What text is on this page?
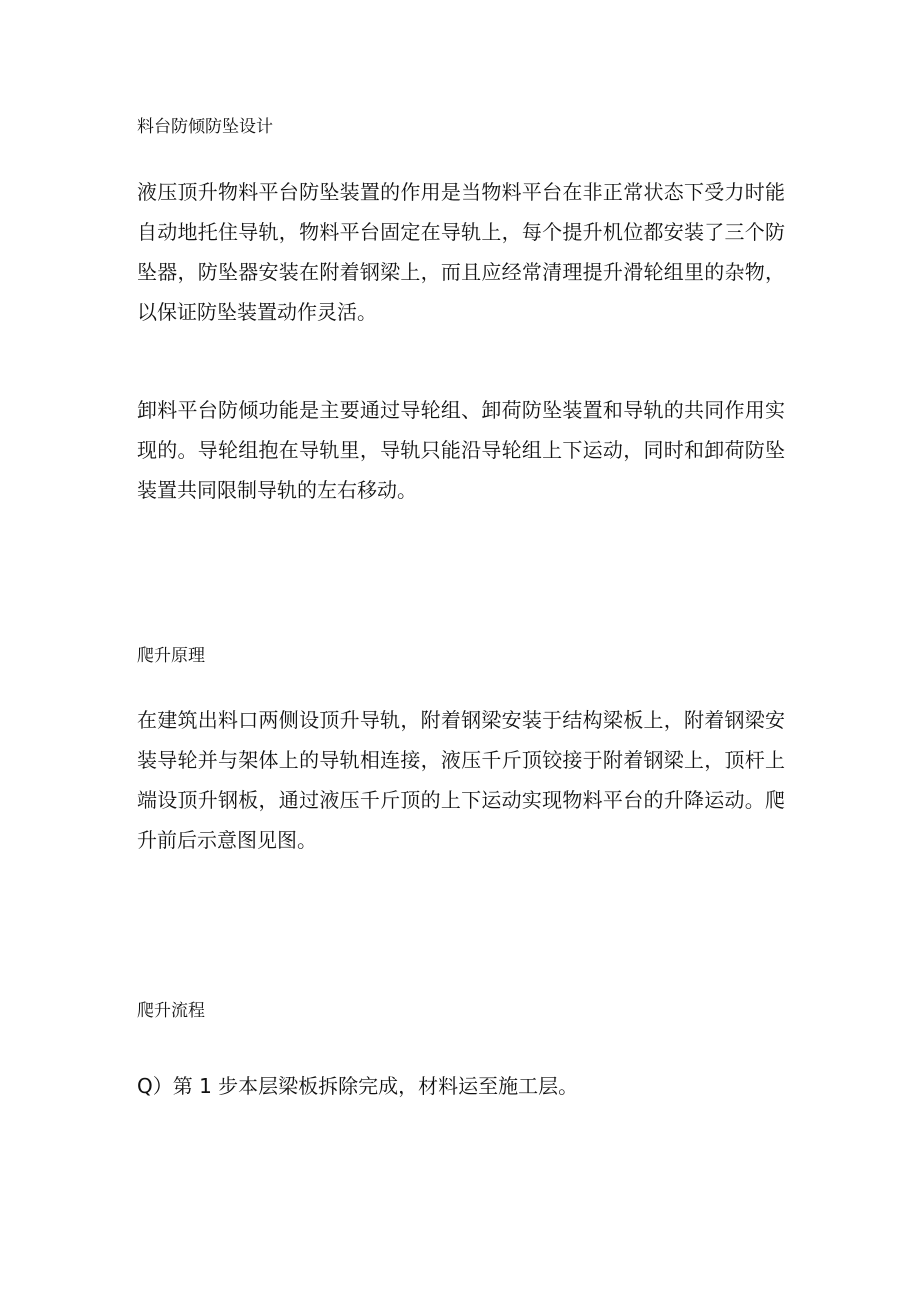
料台防倾防坠设计

液压顶升物料平台防坠装置的作用是当物料平台在非正常状态下受力时能自动地托住导轨，物料平台固定在导轨上，每个提升机位都安装了三个防坠器，防坠器安装在附着钢梁上，而且应经常清理提升滑轮组里的杂物，以保证防坠装置动作灵活。

卸料平台防倾功能是主要通过导轮组、卸荷防坠装置和导轨的共同作用实现的。导轮组抱在导轨里，导轨只能沿导轮组上下运动，同时和卸荷防坠装置共同限制导轨的左右移动。

爬升原理

在建筑出料口两侧设顶升导轨，附着钢梁安装于结构梁板上，附着钢梁安装导轮并与架体上的导轨相连接，液压千斤顶铰接于附着钢梁上，顶杆上端设顶升钢板，通过液压千斤顶的上下运动实现物料平台的升降运动。爬升前后示意图见图。

爬升流程

Q）第 1 步本层梁板拆除完成，材料运至施工层。
